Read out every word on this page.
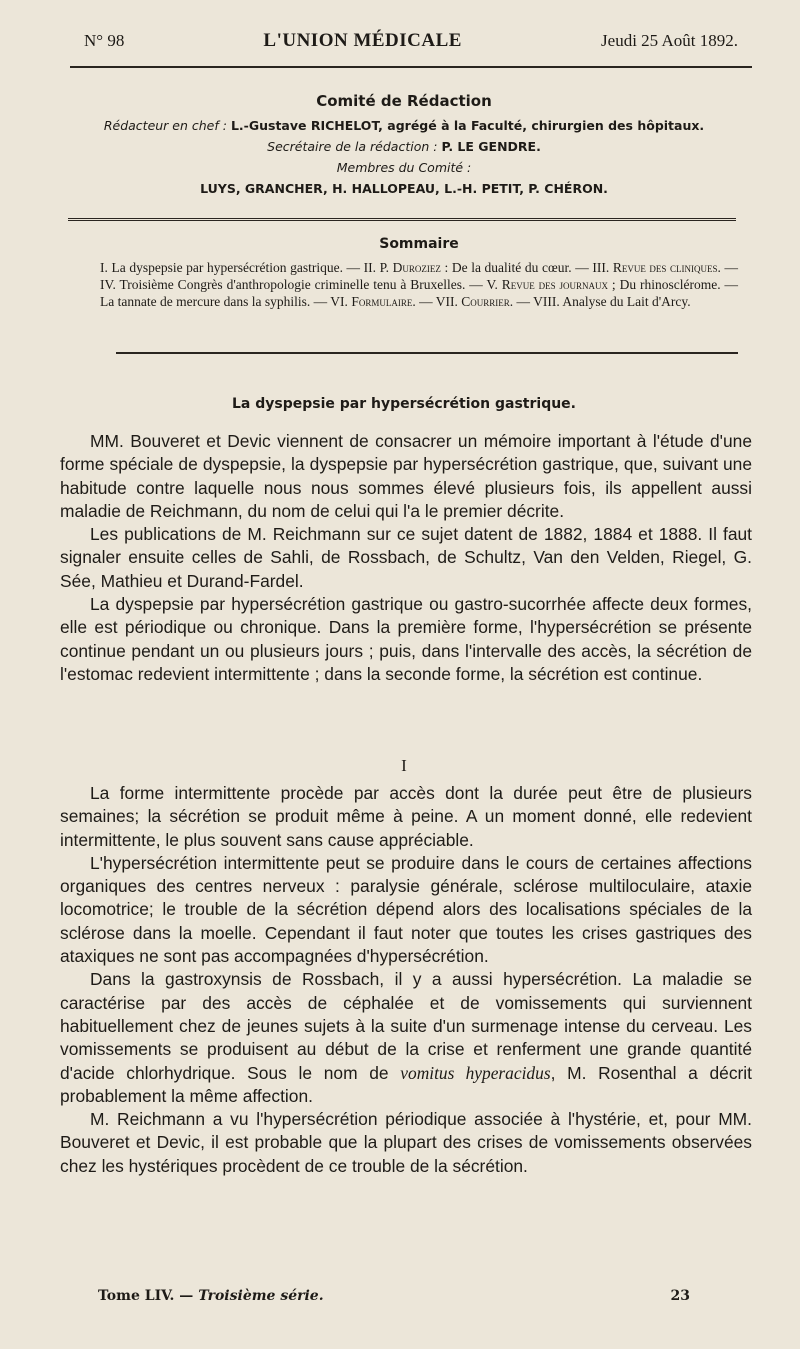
N° 98	L'UNION MÉDICALE	Jeudi 25 Août 1892.
Comité de Rédaction
Rédacteur en chef : L.-Gustave RICHELOT, agrégé à la Faculté, chirurgien des hôpitaux.
Secrétaire de la rédaction : P. LE GENDRE.
Membres du Comité :
LUYS, GRANCHER, H. HALLOPEAU, L.-H. PETIT, P. CHÉRON.
Sommaire
I. La dyspepsie par hypersécrétion gastrique. — II. P. Duroziez : De la dualité du cœur. — III. Revue des cliniques. — IV. Troisième Congrès d'anthropologie criminelle tenu à Bruxelles. — V. Revue des journaux ; Du rhinosclérome. — La tannate de mercure dans la syphilis. — VI. Formulaire. — VII. Courrier. — VIII. Analyse du Lait d'Arcy.
La dyspepsie par hypersécrétion gastrique.

MM. Bouveret et Devic viennent de consacrer un mémoire important à l'étude d'une forme spéciale de dyspepsie, la dyspepsie par hypersécrétion gastrique, que, suivant une habitude contre laquelle nous nous sommes élevé plusieurs fois, ils appellent aussi maladie de Reichmann, du nom de celui qui l'a le premier décrite.

Les publications de M. Reichmann sur ce sujet datent de 1882, 1884 et 1888. Il faut signaler ensuite celles de Sahli, de Rossbach, de Schultz, Van den Velden, Riegel, G. Sée, Mathieu et Durand-Fardel.

La dyspepsie par hypersécrétion gastrique ou gastro-sucorrhée affecte deux formes, elle est périodique ou chronique. Dans la première forme, l'hypersécrétion se présente continue pendant un ou plusieurs jours ; puis, dans l'intervalle des accès, la sécrétion de l'estomac redevient intermittente ; dans la seconde forme, la sécrétion est continue.

I

La forme intermittente procède par accès dont la durée peut être de plusieurs semaines; la sécrétion se produit même à peine. A un moment donné, elle redevient intermittente, le plus souvent sans cause appréciable.

L'hypersécrétion intermittente peut se produire dans le cours de certaines affections organiques des centres nerveux : paralysie générale, sclérose multiloculaire, ataxie locomotrice; le trouble de la sécrétion dépend alors des localisations spéciales de la sclérose dans la moelle. Cependant il faut noter que toutes les crises gastriques des ataxiques ne sont pas accompagnées d'hypersécrétion.

Dans la gastroxynsis de Rossbach, il y a aussi hypersécrétion. La maladie se caractérise par des accès de céphalée et de vomissements qui surviennent habituellement chez de jeunes sujets à la suite d'un surmenage intense du cerveau. Les vomissements se produisent au début de la crise et renferment une grande quantité d'acide chlorhydrique. Sous le nom de vomitus hyperacidus, M. Rosenthal a décrit probablement la même affection.

M. Reichmann a vu l'hypersécrétion périodique associée à l'hystérie, et, pour MM. Bouveret et Devic, il est probable que la plupart des crises de vomissements observées chez les hystériques procèdent de ce trouble de la sécrétion.

Tome LIV. — Troisième série.	23
